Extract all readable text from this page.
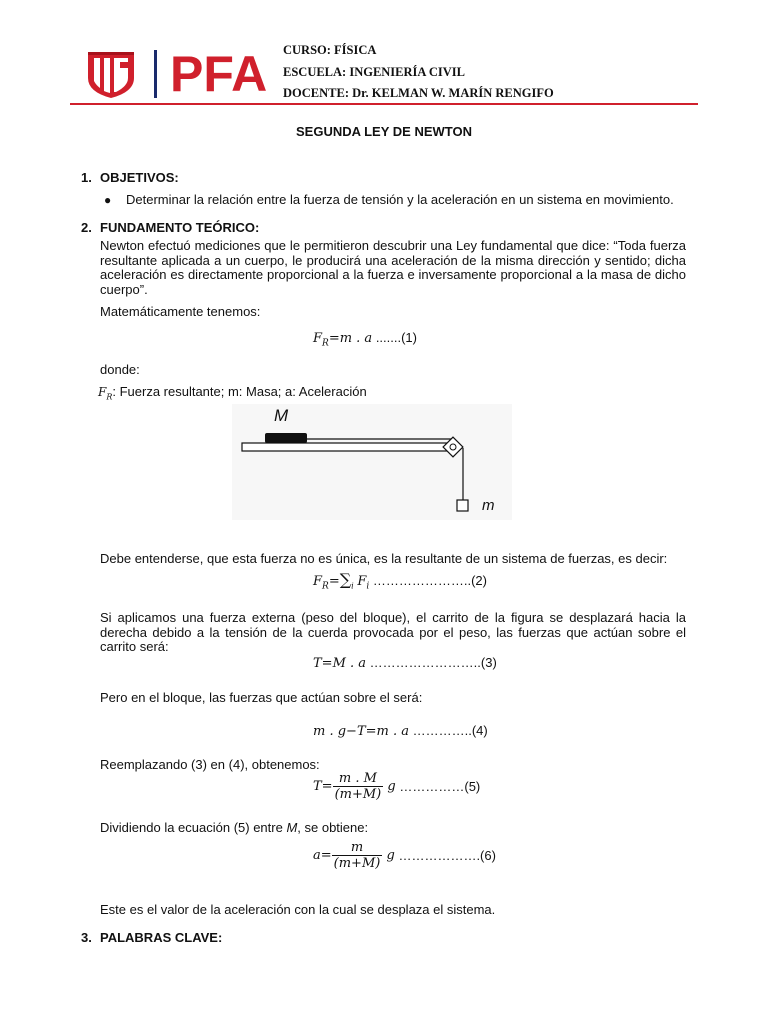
PFA CURSO: FÍSICA
ESCUELA: INGENIERÍA CIVIL
DOCENTE: Dr. KELMAN W. MARÍN RENGIFO
SEGUNDA LEY DE NEWTON
1. OBJETIVOS:
● Determinar la relación entre la fuerza de tensión y la aceleración en un sistema en movimiento.
2. FUNDAMENTO TEÓRICO:
Newton efectuó mediciones que le permitieron descubrir una Ley fundamental que dice: “Toda fuerza resultante aplicada a un cuerpo, le producirá una aceleración de la misma dirección y sentido; dicha aceleración es directamente proporcional a la fuerza e inversamente proporcional a la masa de dicho cuerpo”.
Matemáticamente tenemos:
$F_R=m$ . a .......(1)
donde:
$F_R$: Fuerza resultante; m: Masa; a: Aceleración
M
m
Debe entenderse, que esta fuerza no es única, es la resultante de un sistema de fuerzas, es decir:
$F_R=\sum_i$ $F_i$ …………………..(2)
Si aplicamos una fuerza externa (peso del bloque), el carrito de la figura se desplazará hacia la derecha debido a la tensión de la cuerda provocada por el peso, las fuerzas que actúan sobre el carrito será:
T=M . a ……………………..(3)
Pero en el bloque, las fuerzas que actúan sobre el será:
m . g−T=m . a …………..(4)
Reemplazando (3) en (4), obtenemos:
$T= \frac{m . M}{(m+M)}$ g ……………(5)
Dividiendo la ecuación (5) entre M, se obtiene:
$a= \frac{m}{(m+M)}$ g ……………….(6)
Este es el valor de la aceleración con la cual se desplaza el sistema.
3. PALABRAS CLAVE:
